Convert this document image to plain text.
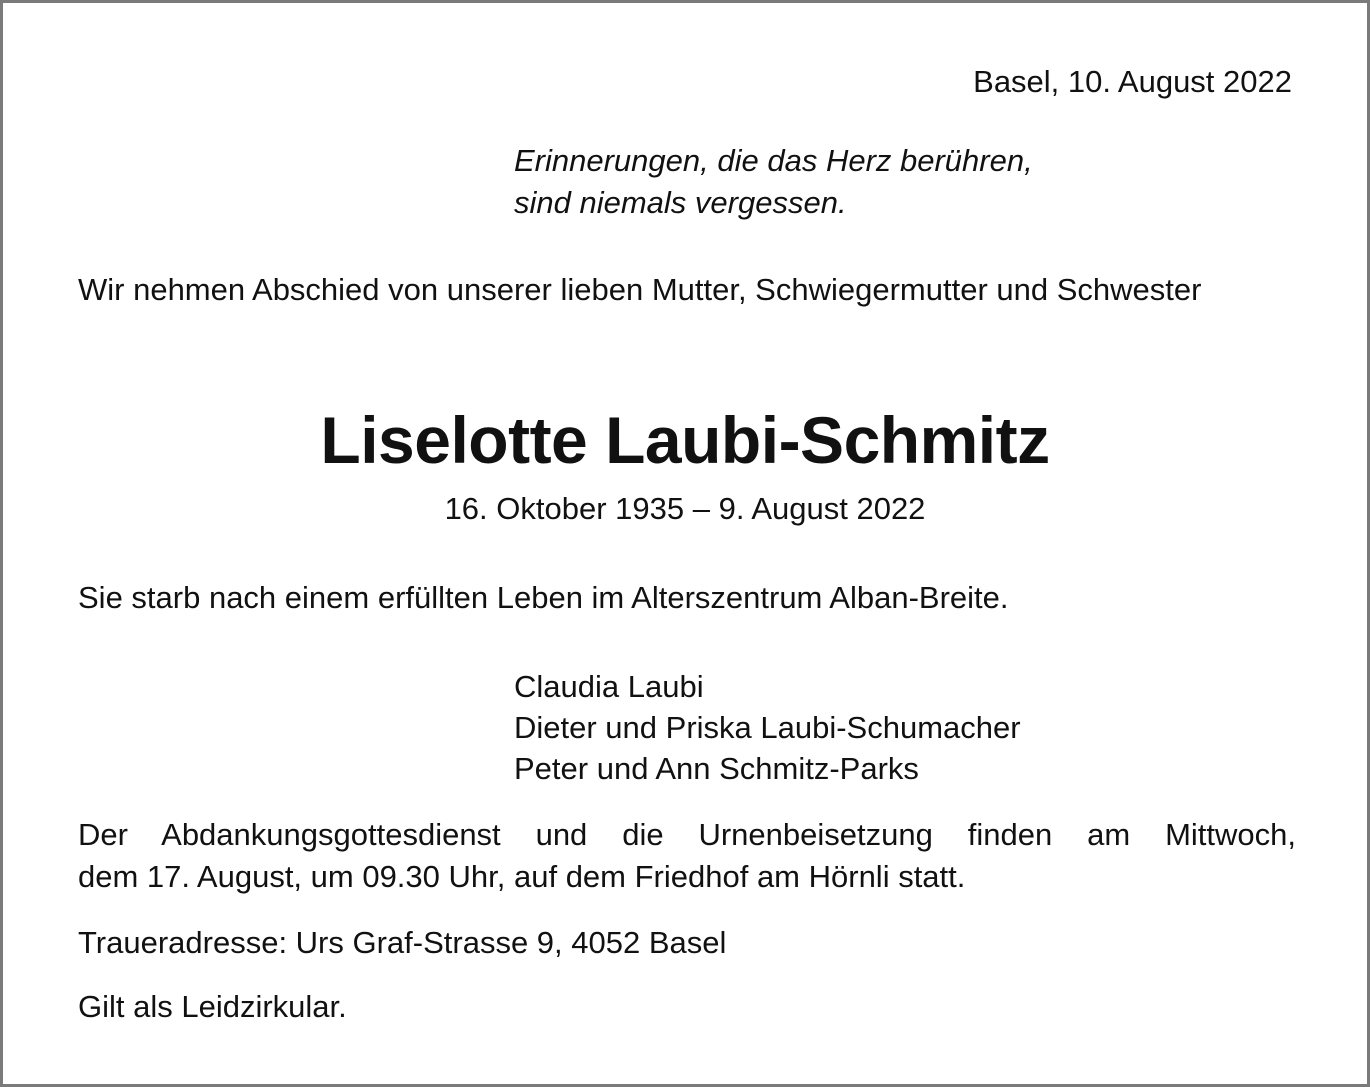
Basel, 10. August 2022

Erinnerungen, die das Herz berühren,
sind niemals vergessen.

Wir nehmen Abschied von unserer lieben Mutter, Schwiegermutter und Schwester

Liselotte Laubi-Schmitz

16. Oktober 1935 – 9. August 2022

Sie starb nach einem erfüllten Leben im Alterszentrum Alban-Breite.

Claudia Laubi
Dieter und Priska Laubi-Schumacher
Peter und Ann Schmitz-Parks
Der Abdankungsgottesdienst und die Urnenbeisetzung finden am Mittwoch,
dem 17. August, um 09.30 Uhr, auf dem Friedhof am Hörnli statt.

Traueradresse: Urs Graf-Strasse 9, 4052 Basel

Gilt als Leidzirkular.
